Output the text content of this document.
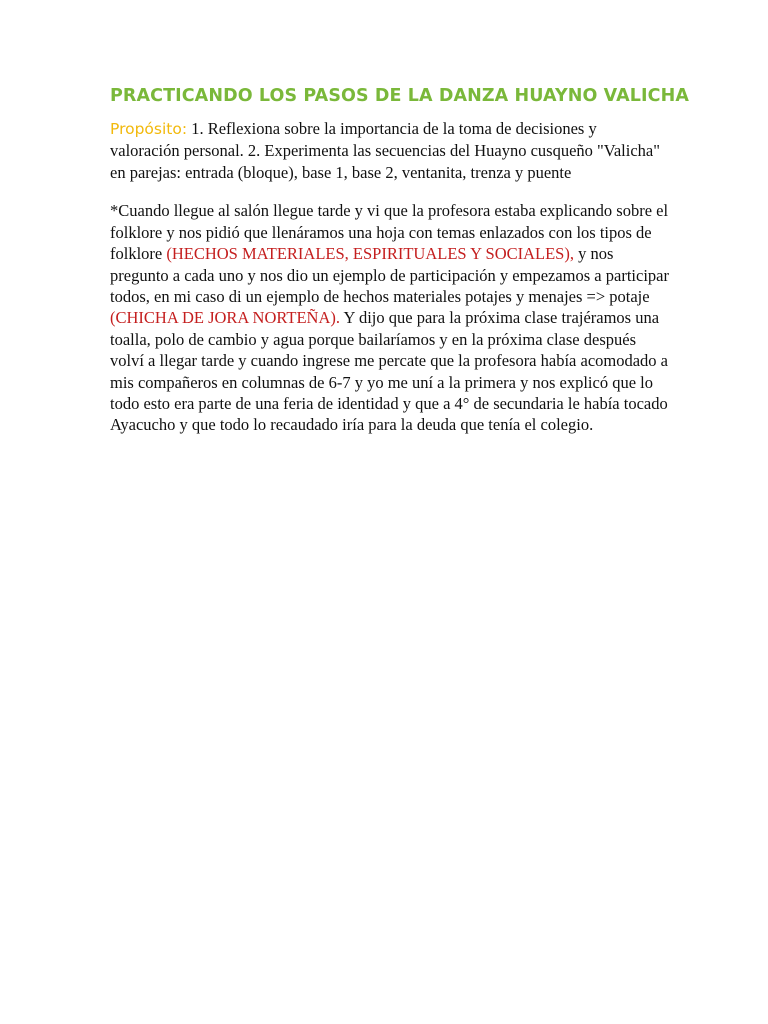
PRACTICANDO LOS PASOS DE LA DANZA HUAYNO VALICHA

Propósito: 1. Reflexiona sobre la importancia de la toma de decisiones y valoración personal. 2. Experimenta las secuencias del Huayno cusqueño "Valicha" en parejas: entrada (bloque), base 1, base 2, ventanita, trenza y puente

*Cuando llegue al salón llegue tarde y vi que la profesora estaba explicando sobre el folklore y nos pidió que llenáramos una hoja con temas enlazados con los tipos de folklore (HECHOS MATERIALES, ESPIRITUALES Y SOCIALES), y nos pregunto a cada uno y nos dio un ejemplo de participación y empezamos a participar todos, en mi caso di un ejemplo de hechos materiales potajes y menajes => potaje (CHICHA DE JORA NORTEÑA). Y dijo que para la próxima clase trajéramos una toalla, polo de cambio y agua porque bailaríamos y en la próxima clase después volví a llegar tarde y cuando ingrese me percate que la profesora había acomodado a mis compañeros en columnas de 6-7 y yo me uní a la primera y nos explicó que lo todo esto era parte de una feria de identidad y que a 4° de secundaria le había tocado Ayacucho y que todo lo recaudado iría para la deuda que tenía el colegio.
